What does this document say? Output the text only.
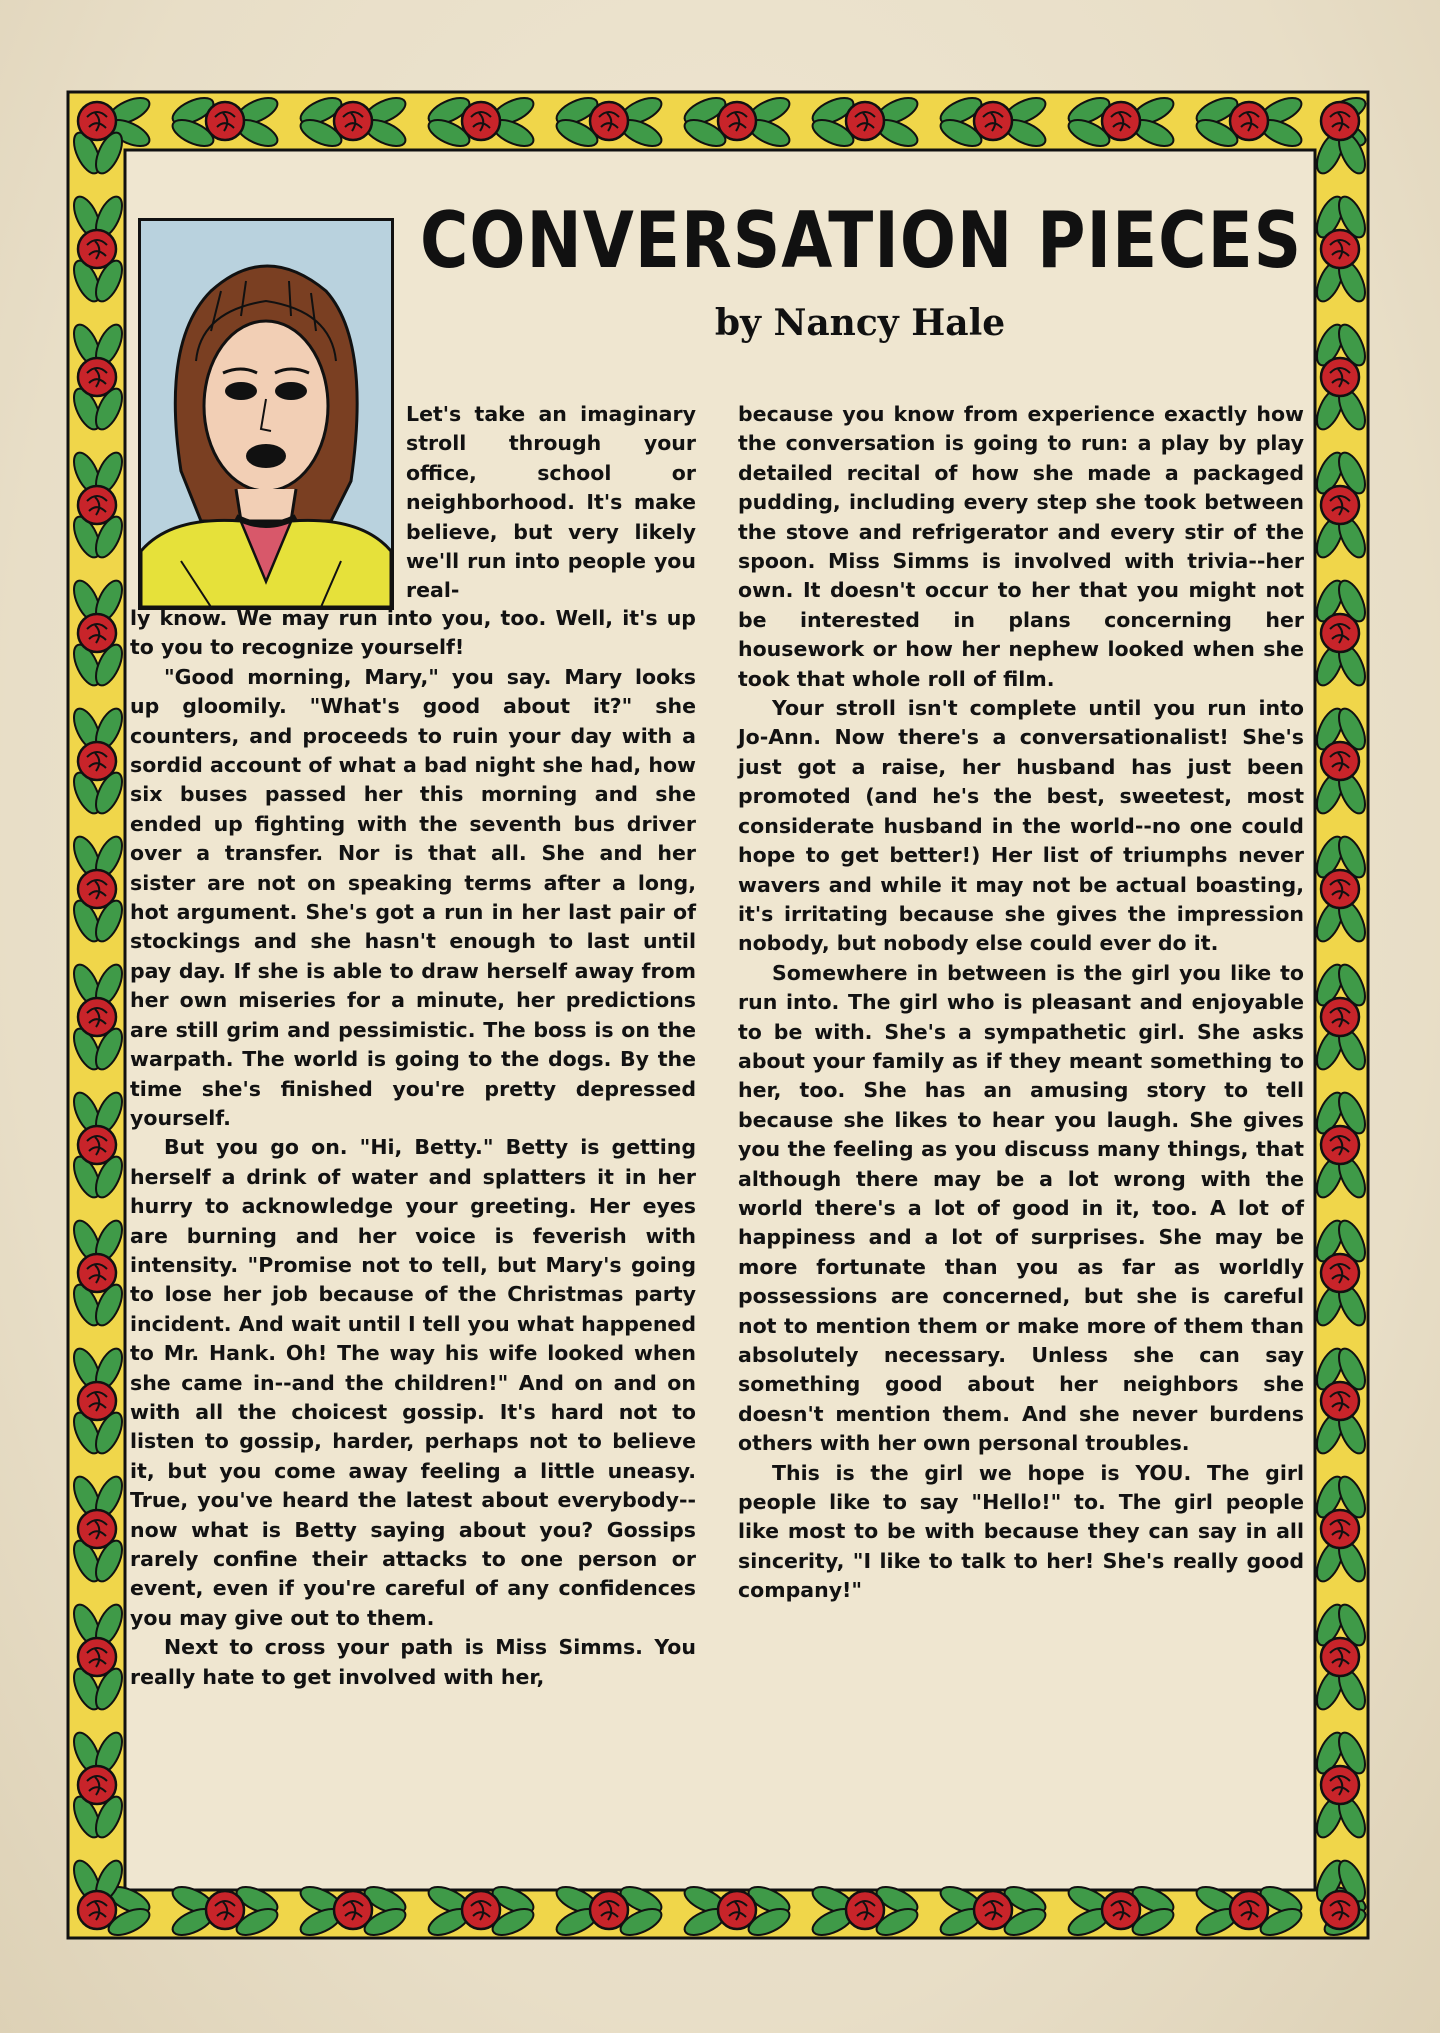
CONVERSATION PIECES
by Nancy Hale

Let's take an imaginary stroll through your office, school or neighborhood. It's make believe, but very likely we'll run into people you real-

ly know. We may run into you, too. Well, it's up to you to recognize yourself!

"Good morning, Mary," you say. Mary looks up gloomily. "What's good about it?" she counters, and proceeds to ruin your day with a sordid account of what a bad night she had, how six buses passed her this morning and she ended up fighting with the seventh bus driver over a transfer. Nor is that all. She and her sister are not on speaking terms after a long, hot argument. She's got a run in her last pair of stockings and she hasn't enough to last until pay day. If she is able to draw herself away from her own miseries for a minute, her predictions are still grim and pessimistic. The boss is on the warpath. The world is going to the dogs. By the time she's finished you're pretty depressed yourself.

But you go on. "Hi, Betty." Betty is getting herself a drink of water and splatters it in her hurry to acknowledge your greeting. Her eyes are burning and her voice is feverish with intensity. "Promise not to tell, but Mary's going to lose her job because of the Christmas party incident. And wait until I tell you what happened to Mr. Hank. Oh! The way his wife looked when she came in--and the children!" And on and on with all the choicest gossip. It's hard not to listen to gossip, harder, perhaps not to believe it, but you come away feeling a little uneasy. True, you've heard the latest about everybody--now what is Betty saying about you? Gossips rarely confine their attacks to one person or event, even if you're careful of any confidences you may give out to them.

Next to cross your path is Miss Simms. You really hate to get involved with her,

because you know from experience exactly how the conversation is going to run: a play by play detailed recital of how she made a packaged pudding, including every step she took between the stove and refrigerator and every stir of the spoon. Miss Simms is involved with trivia--her own. It doesn't occur to her that you might not be interested in plans concerning her housework or how her nephew looked when she took that whole roll of film.

Your stroll isn't complete until you run into Jo-Ann. Now there's a conversationalist! She's just got a raise, her husband has just been promoted (and he's the best, sweetest, most considerate husband in the world--no one could hope to get better!) Her list of triumphs never wavers and while it may not be actual boasting, it's irritating because she gives the impression nobody, but nobody else could ever do it.

Somewhere in between is the girl you like to run into. The girl who is pleasant and enjoyable to be with. She's a sympathetic girl. She asks about your family as if they meant something to her, too. She has an amusing story to tell because she likes to hear you laugh. She gives you the feeling as you discuss many things, that although there may be a lot wrong with the world there's a lot of good in it, too. A lot of happiness and a lot of surprises. She may be more fortunate than you as far as worldly possessions are concerned, but she is careful not to mention them or make more of them than absolutely necessary. Unless she can say something good about her neighbors she doesn't mention them. And she never burdens others with her own personal troubles.

This is the girl we hope is YOU. The girl people like to say "Hello!" to. The girl people like most to be with because they can say in all sincerity, "I like to talk to her! She's really good company!"
